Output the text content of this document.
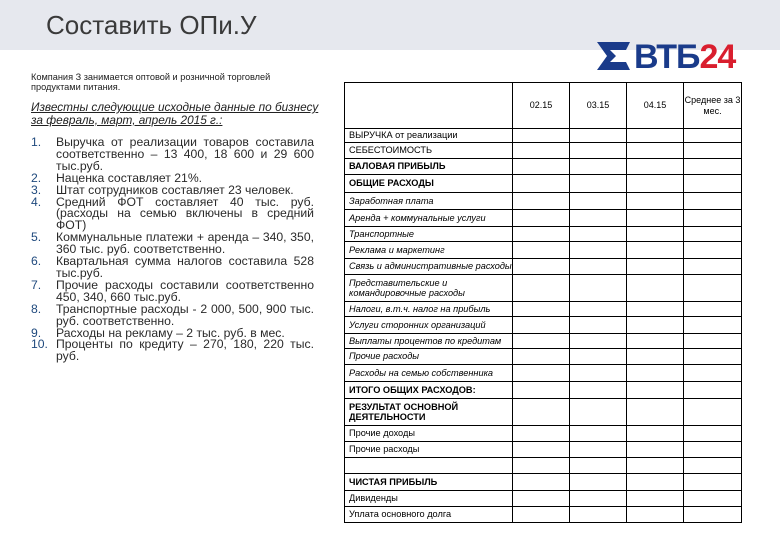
Составить ОПи.У
ВТБ24
Компания З занимается оптовой и розничной торговлей продуктами питания.
Известны следующие исходные данные по бизнесу за февраль, март, апрель 2015 г.:
1. Выручка от реализации товаров составила соответственно – 13 400, 18 600 и 29 600 тыс.руб.
2. Наценка составляет 21%.
3. Штат сотрудников составляет 23 человек.
4. Средний ФОТ составляет 40 тыс. руб. (расходы на семью включены в средний ФОТ)
5. Коммунальные платежи + аренда – 340, 350, 360 тыс. руб. соответственно.
6. Квартальная сумма налогов составила 528 тыс.руб.
7. Прочие расходы составили соответственно 450, 340, 660 тыс.руб.
8. Транспортные расходы - 2 000, 500, 900 тыс. руб. соответственно.
9. Расходы на рекламу – 2 тыс. руб. в мес.
10. Проценты по кредиту – 270, 180, 220 тыс. руб.
	02.15	03.15	04.15	Среднее за 3 мес.
ВЫРУЧКА от реализации				
СЕБЕСТОИМОСТЬ				
ВАЛОВАЯ ПРИБЫЛЬ				
ОБЩИЕ РАСХОДЫ				
Заработная плата				
Аренда + коммунальные услуги				
Транспортные				
Реклама и маркетинг				
Связь и административные расходы				
Представительские и командировочные расходы				
Налоги, в.т.ч. налог на прибыль				
Услуги сторонних организаций				
Выплаты процентов по кредитам				
Прочие расходы				
Расходы на семью собственника				
ИТОГО ОБЩИХ РАСХОДОВ:				
РЕЗУЛЬТАТ ОСНОВНОЙ ДЕЯТЕЛЬНОСТИ				
Прочие доходы				
Прочие расходы				

ЧИСТАЯ ПРИБЫЛЬ				
Дивиденды				
Уплата основного долга				
